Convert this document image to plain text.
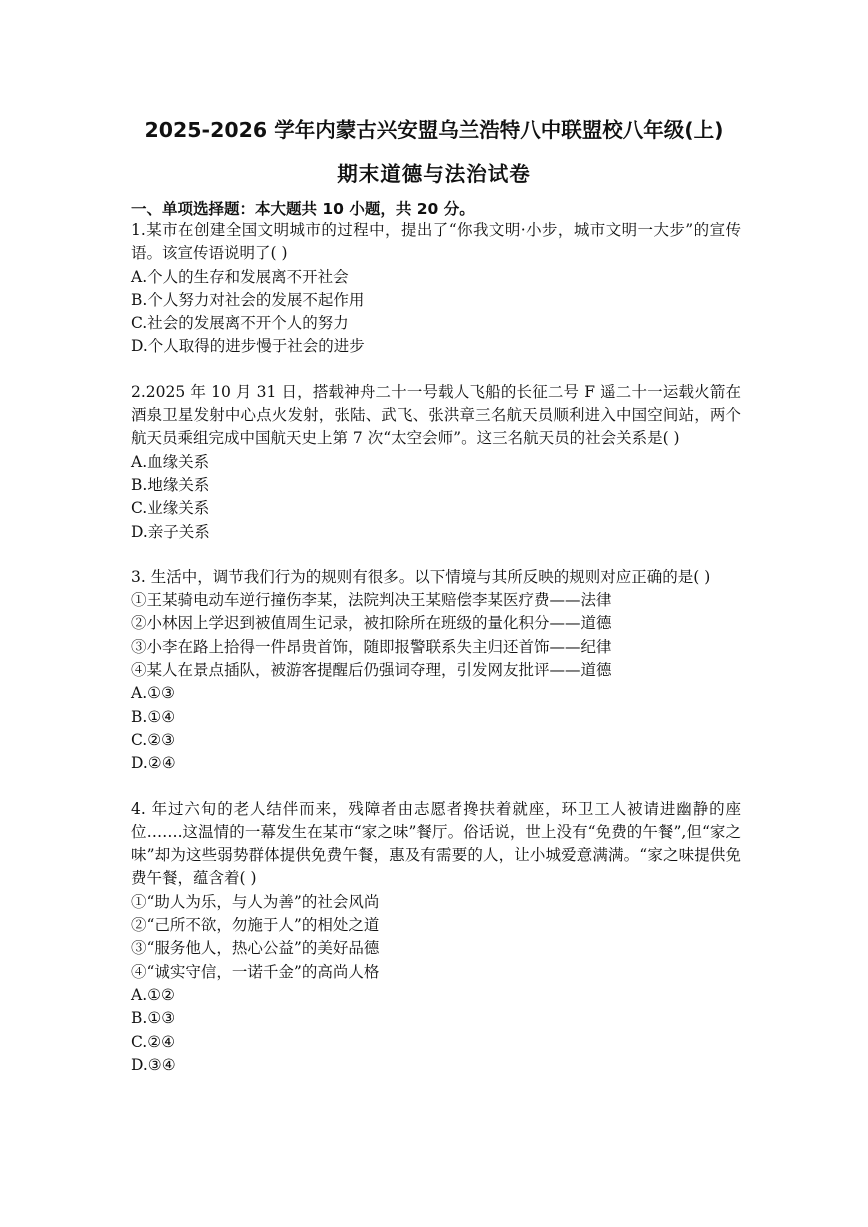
2025-2026 学年内蒙古兴安盟乌兰浩特八中联盟校八年级(上)
期末道德与法治试卷
一、单项选择题：本大题共 10 小题，共 20 分。

1.某市在创建全国文明城市的过程中，提出了“你我文明·小步，城市文明一大步”的宣传语。该宣传语说明了( )

A.个人的生存和发展离不开社会

B.个人努力对社会的发展不起作用

C.社会的发展离不开个人的努力

D.个人取得的进步慢于社会的进步

2.2025 年 10 月 31 日，搭载神舟二十一号载人飞船的长征二号 F 遥二十一运载火箭在酒泉卫星发射中心点火发射，张陆、武飞、张洪章三名航天员顺利进入中国空间站，两个航天员乘组完成中国航天史上第 7 次“太空会师”。这三名航天员的社会关系是( )

A.血缘关系

B.地缘关系

C.业缘关系

D.亲子关系

3. 生活中，调节我们行为的规则有很多。以下情境与其所反映的规则对应正确的是( )

①王某骑电动车逆行撞伤李某，法院判决王某赔偿李某医疗费——法律

②小林因上学迟到被值周生记录，被扣除所在班级的量化积分——道德

③小李在路上拾得一件昂贵首饰，随即报警联系失主归还首饰——纪律

④某人在景点插队，被游客提醒后仍强词夺理，引发网友批评——道德

A.①③

B.①④

C.②③

D.②④

4. 年过六旬的老人结伴而来，残障者由志愿者搀扶着就座，环卫工人被请进幽静的座位…….这温情的一幕发生在某市“家之味”餐厅。俗话说，世上没有“免费的午餐”,但“家之味”却为这些弱势群体提供免费午餐，惠及有需要的人，让小城爱意满满。“家之味提供免费午餐，蕴含着( )

①“助人为乐，与人为善”的社会风尚

②“己所不欲，勿施于人”的相处之道

③“服务他人，热心公益”的美好品德

④“诚实守信，一诺千金”的高尚人格

A.①②

B.①③

C.②④

D.③④
